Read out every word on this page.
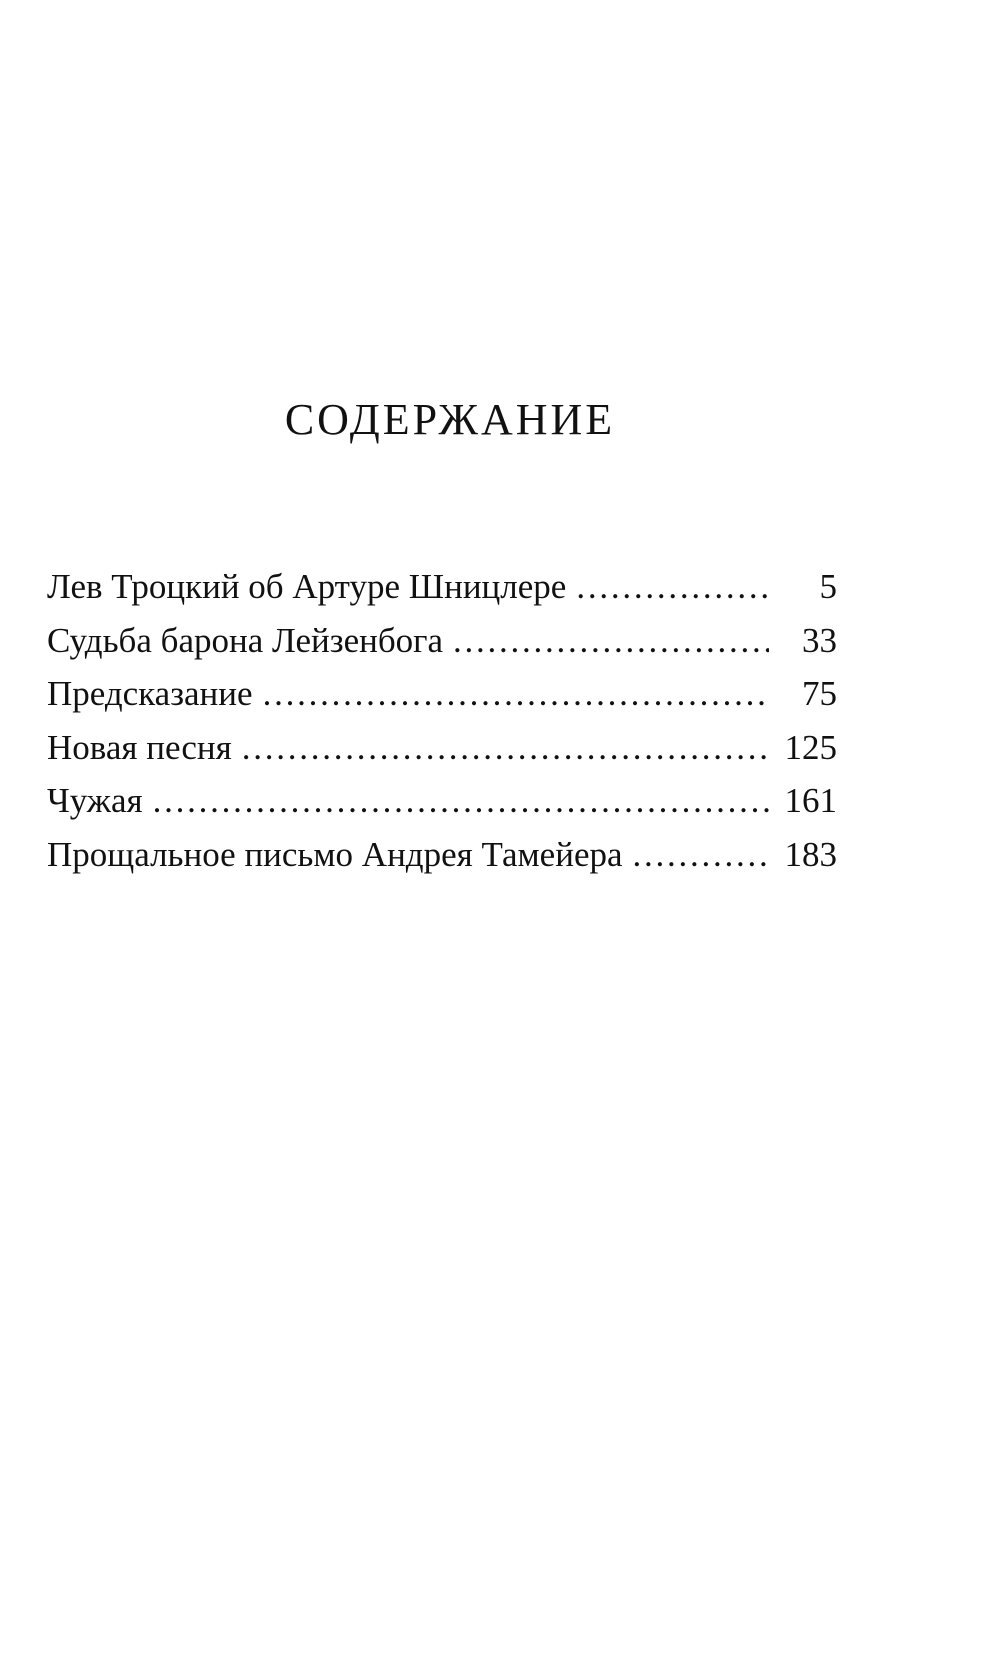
СОДЕРЖАНИЕ
Лев Троцкий об Артуре Шницлере . . .	5
Судьба барона Лейзенбога . . .	33
Предсказание . . .	75
Новая песня . . .	125
Чужая . . .	161
Прощальное письмо Андрея Тамейера . . .	183
